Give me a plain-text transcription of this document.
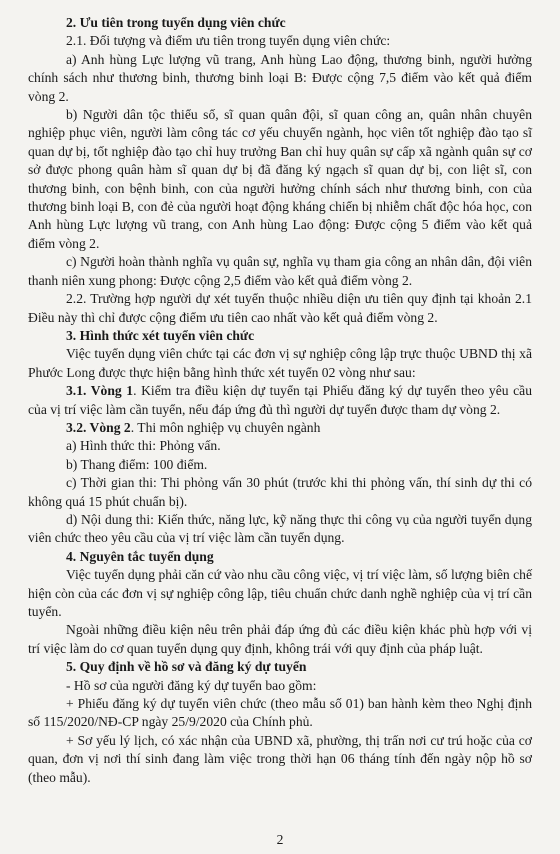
2. Ưu tiên trong tuyển dụng viên chức

2.1. Đối tượng và điểm ưu tiên trong tuyển dụng viên chức:

a) Anh hùng Lực lượng vũ trang, Anh hùng Lao động, thương binh, người hưởng chính sách như thương binh, thương binh loại B: Được cộng 7,5 điểm vào kết quả điểm vòng 2.

b) Người dân tộc thiểu số, sĩ quan quân đội, sĩ quan công an, quân nhân chuyên nghiệp phục viên, người làm công tác cơ yếu chuyển ngành, học viên tốt nghiệp đào tạo sĩ quan dự bị, tốt nghiệp đào tạo chỉ huy trưởng Ban chỉ huy quân sự cấp xã ngành quân sự cơ sở được phong quân hàm sĩ quan dự bị đã đăng ký ngạch sĩ quan dự bị, con liệt sĩ, con thương binh, con bệnh binh, con của người hưởng chính sách như thương binh, con của thương binh loại B, con đẻ của người hoạt động kháng chiến bị nhiễm chất độc hóa học, con Anh hùng Lực lượng vũ trang, con Anh hùng Lao động: Được cộng 5 điểm vào kết quả điểm vòng 2.

c) Người hoàn thành nghĩa vụ quân sự, nghĩa vụ tham gia công an nhân dân, đội viên thanh niên xung phong: Được cộng 2,5 điểm vào kết quả điểm vòng 2.

2.2. Trường hợp người dự xét tuyển thuộc nhiều diện ưu tiên quy định tại khoản 2.1 Điều này thì chỉ được cộng điểm ưu tiên cao nhất vào kết quả điểm vòng 2.

3. Hình thức xét tuyển viên chức

Việc tuyển dụng viên chức tại các đơn vị sự nghiệp công lập trực thuộc UBND thị xã Phước Long được thực hiện bằng hình thức xét tuyển 02 vòng như sau:

3.1. Vòng 1. Kiểm tra điều kiện dự tuyển tại Phiếu đăng ký dự tuyển theo yêu cầu của vị trí việc làm cần tuyển, nếu đáp ứng đủ thì người dự tuyển được tham dự vòng 2.

3.2. Vòng 2. Thi môn nghiệp vụ chuyên ngành

a) Hình thức thi: Phỏng vấn.

b) Thang điểm: 100 điểm.

c) Thời gian thi: Thi phỏng vấn 30 phút (trước khi thi phỏng vấn, thí sinh dự thi có không quá 15 phút chuẩn bị).

d) Nội dung thi: Kiến thức, năng lực, kỹ năng thực thi công vụ của người tuyển dụng viên chức theo yêu cầu của vị trí việc làm cần tuyển dụng.

4. Nguyên tắc tuyển dụng

Việc tuyển dụng phải căn cứ vào nhu cầu công việc, vị trí việc làm, số lượng biên chế hiện còn của các đơn vị sự nghiệp công lập, tiêu chuẩn chức danh nghề nghiệp của vị trí cần tuyển.

Ngoài những điều kiện nêu trên phải đáp ứng đủ các điều kiện khác phù hợp với vị trí việc làm do cơ quan tuyển dụng quy định, không trái với quy định của pháp luật.

5. Quy định về hồ sơ và đăng ký dự tuyển

- Hồ sơ của người đăng ký dự tuyển bao gồm:

+ Phiếu đăng ký dự tuyển viên chức (theo mẫu số 01) ban hành kèm theo Nghị định số 115/2020/NĐ-CP ngày 25/9/2020 của Chính phủ.

+ Sơ yếu lý lịch, có xác nhận của UBND xã, phường, thị trấn nơi cư trú hoặc của cơ quan, đơn vị nơi thí sinh đang làm việc trong thời hạn 06 tháng tính đến ngày nộp hồ sơ (theo mẫu).

2
